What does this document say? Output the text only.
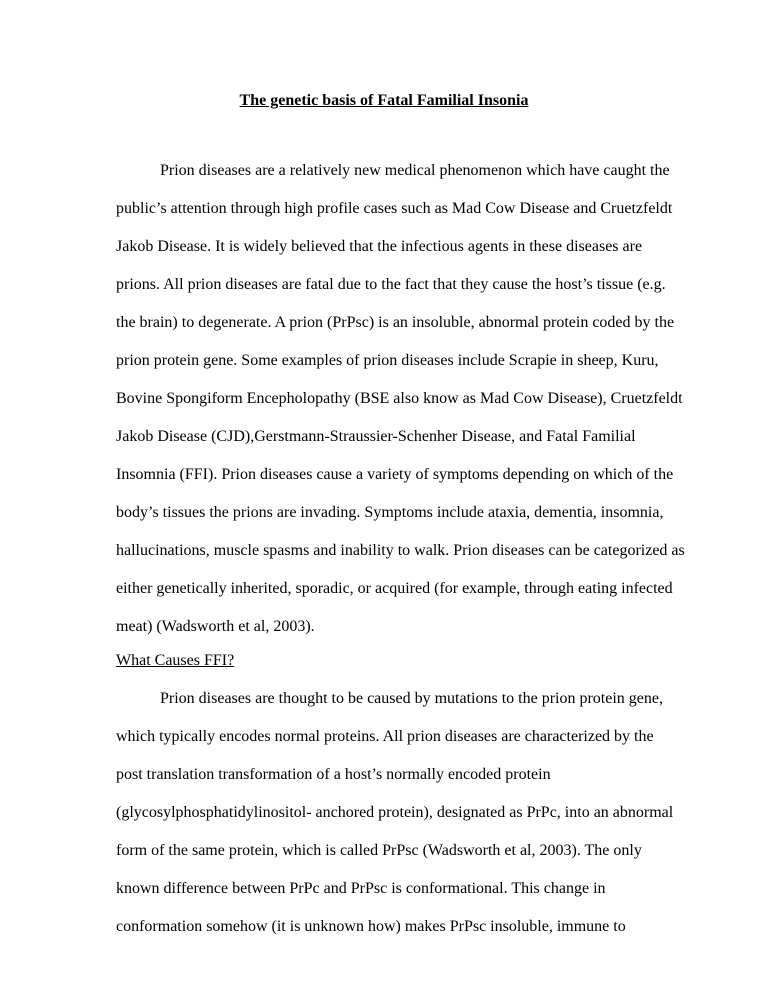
The genetic basis of Fatal Familial Insonia
Prion diseases are a relatively new medical phenomenon which have caught the
public’s attention through high profile cases such as Mad Cow Disease and Cruetzfeldt
Jakob Disease. It is widely believed that the infectious agents in these diseases are
prions. All prion diseases are fatal due to the fact that they cause the host’s tissue (e.g.
the brain) to degenerate. A prion (PrPsc) is an insoluble, abnormal protein coded by the
prion protein gene. Some examples of prion diseases include Scrapie in sheep, Kuru,
Bovine Spongiform Encepholopathy (BSE also know as Mad Cow Disease), Cruetzfeldt
Jakob Disease (CJD),Gerstmann-Straussier-Schenher Disease, and Fatal Familial
Insomnia (FFI). Prion diseases cause a variety of symptoms depending on which of the
body’s tissues the prions are invading. Symptoms include ataxia, dementia, insomnia,
hallucinations, muscle spasms and inability to walk. Prion diseases can be categorized as
either genetically inherited, sporadic, or acquired (for example, through eating infected
meat) (Wadsworth et al, 2003).
What Causes FFI?
Prion diseases are thought to be caused by mutations to the prion protein gene,
which typically encodes normal proteins. All prion diseases are characterized by the
post translation transformation of a host’s normally encoded protein
(glycosylphosphatidylinositol- anchored protein), designated as PrPc, into an abnormal
form of the same protein, which is called PrPsc (Wadsworth et al, 2003). The only
known difference between PrPc and PrPsc is conformational. This change in
conformation somehow (it is unknown how) makes PrPsc insoluble, immune to
